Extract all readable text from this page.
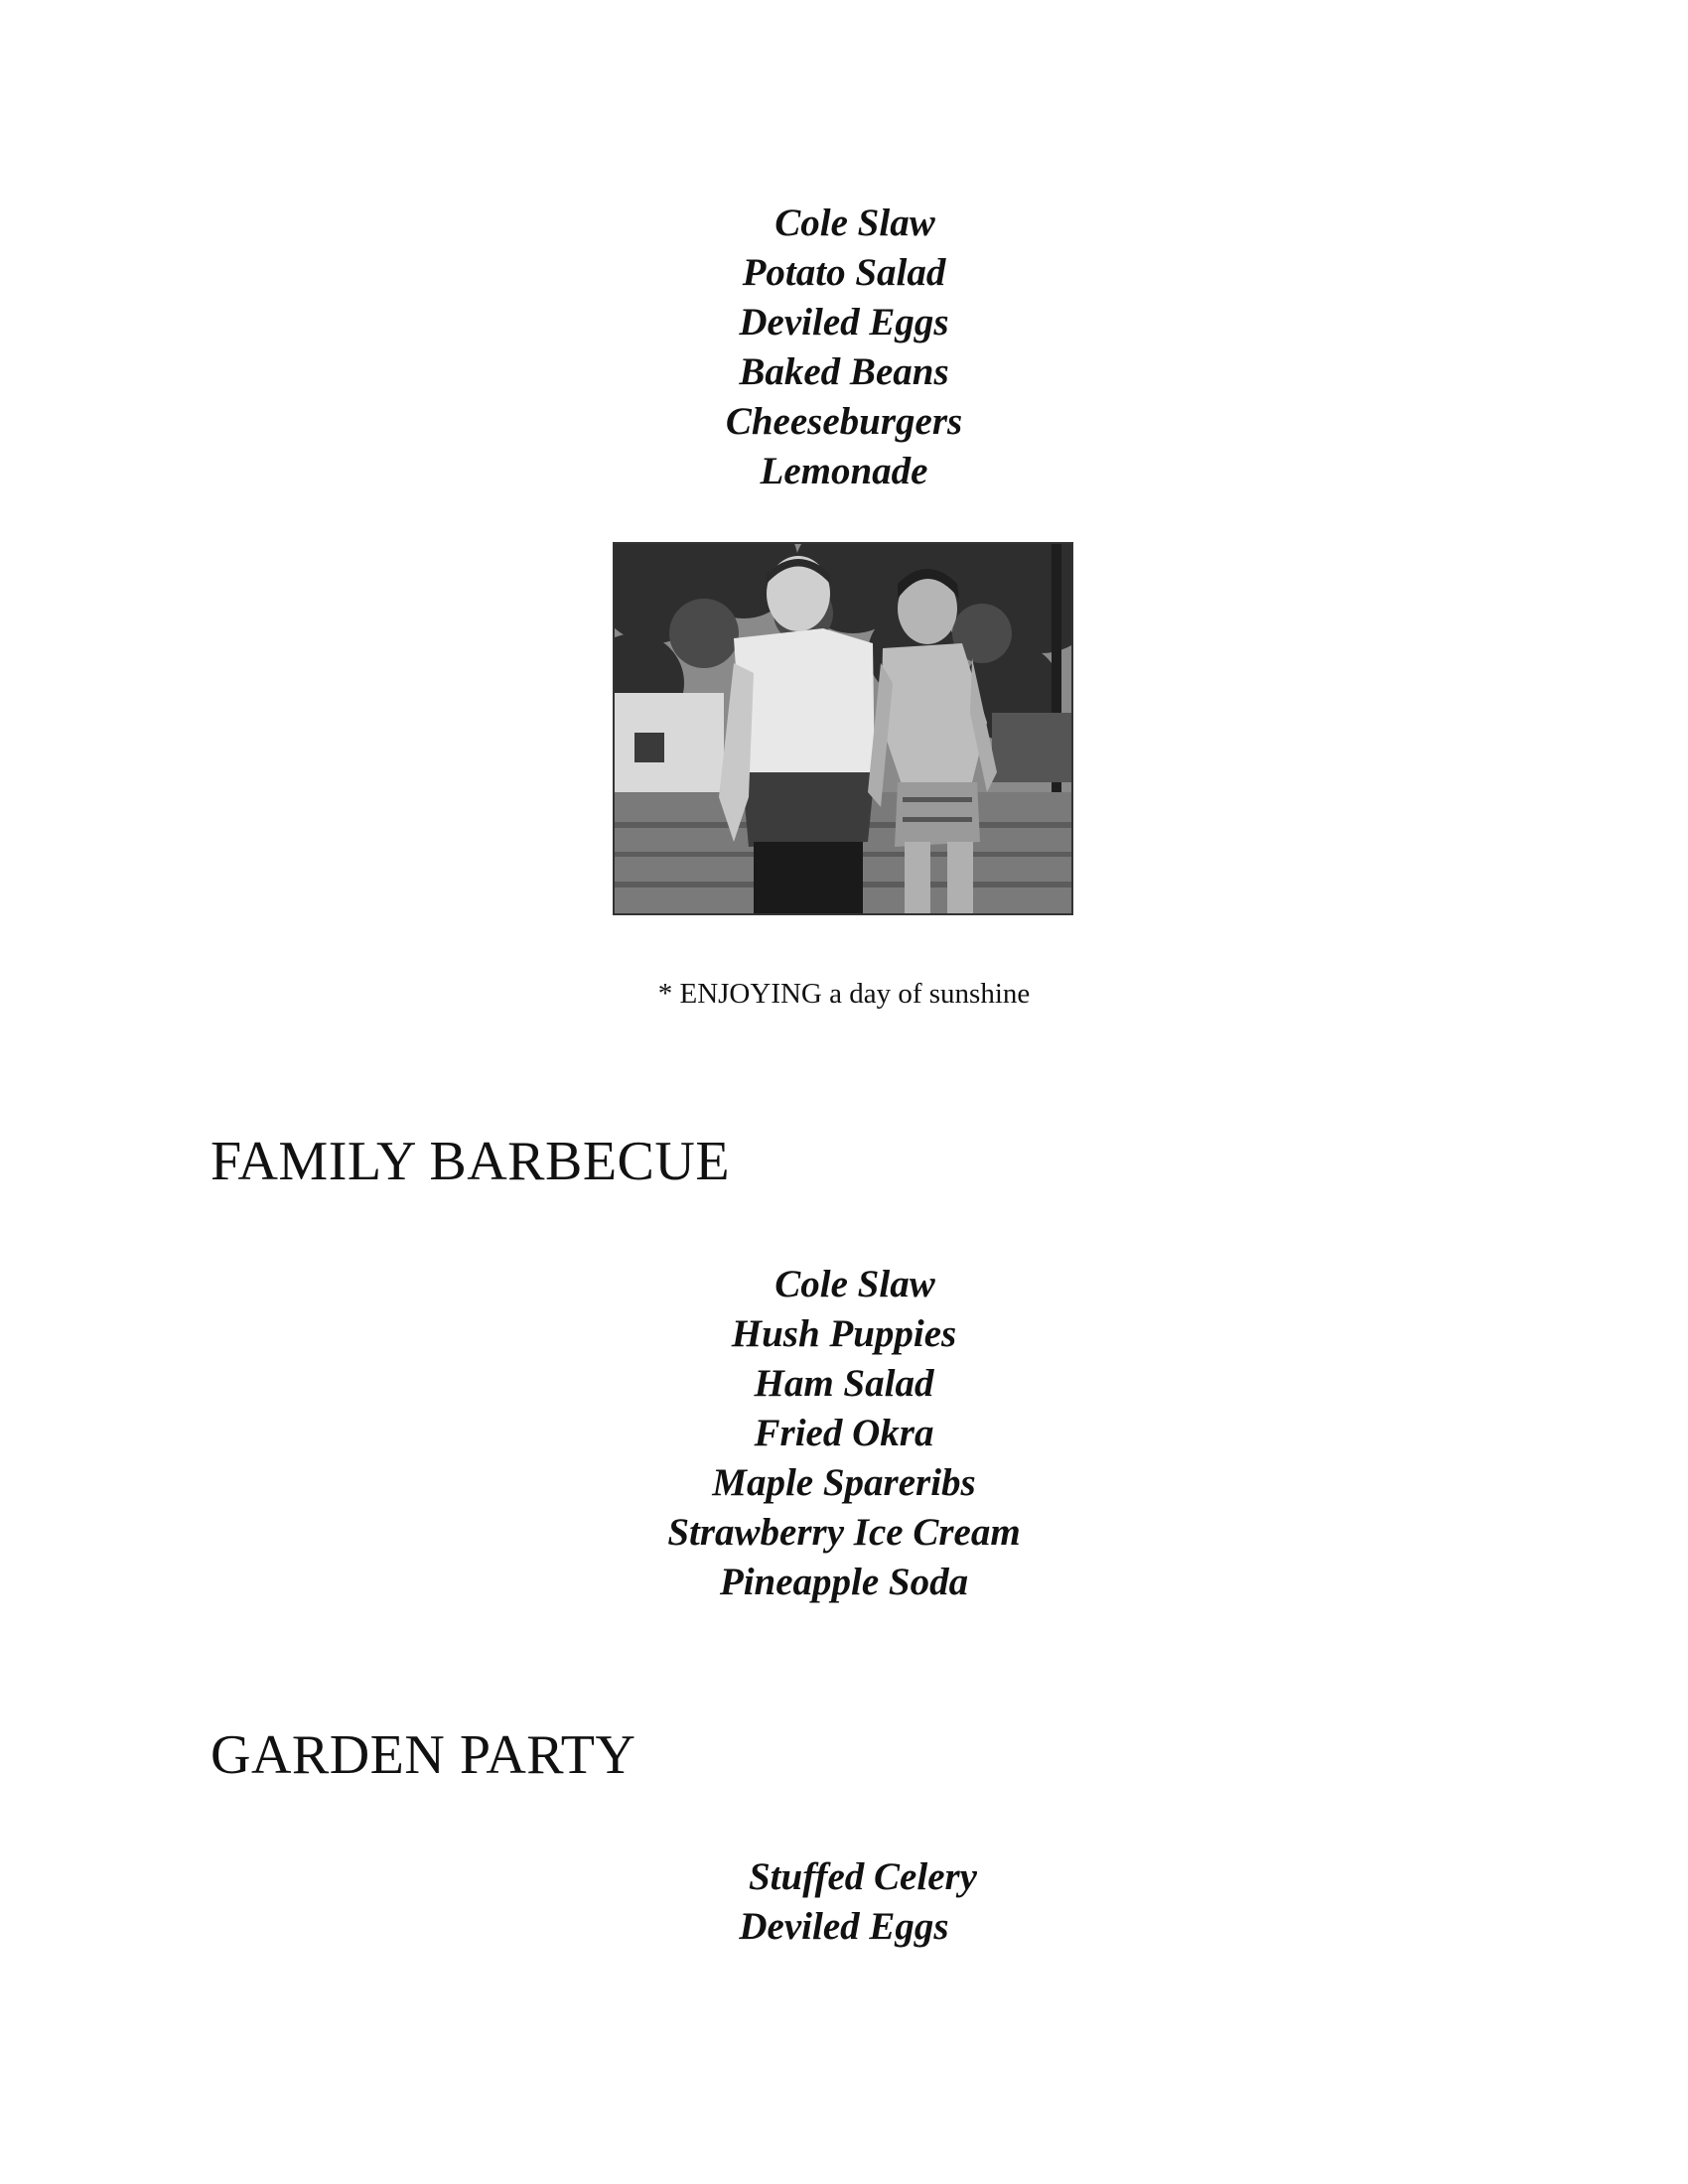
Cole Slaw
Potato Salad
Deviled Eggs
Baked Beans
Cheeseburgers
Lemonade

* ENJOYING a day of sunshine

FAMILY BARBECUE
Cole Slaw
Hush Puppies
Ham Salad
Fried Okra
Maple Spareribs
Strawberry Ice Cream
Pineapple Soda
GARDEN PARTY
Stuffed Celery
Deviled Eggs
